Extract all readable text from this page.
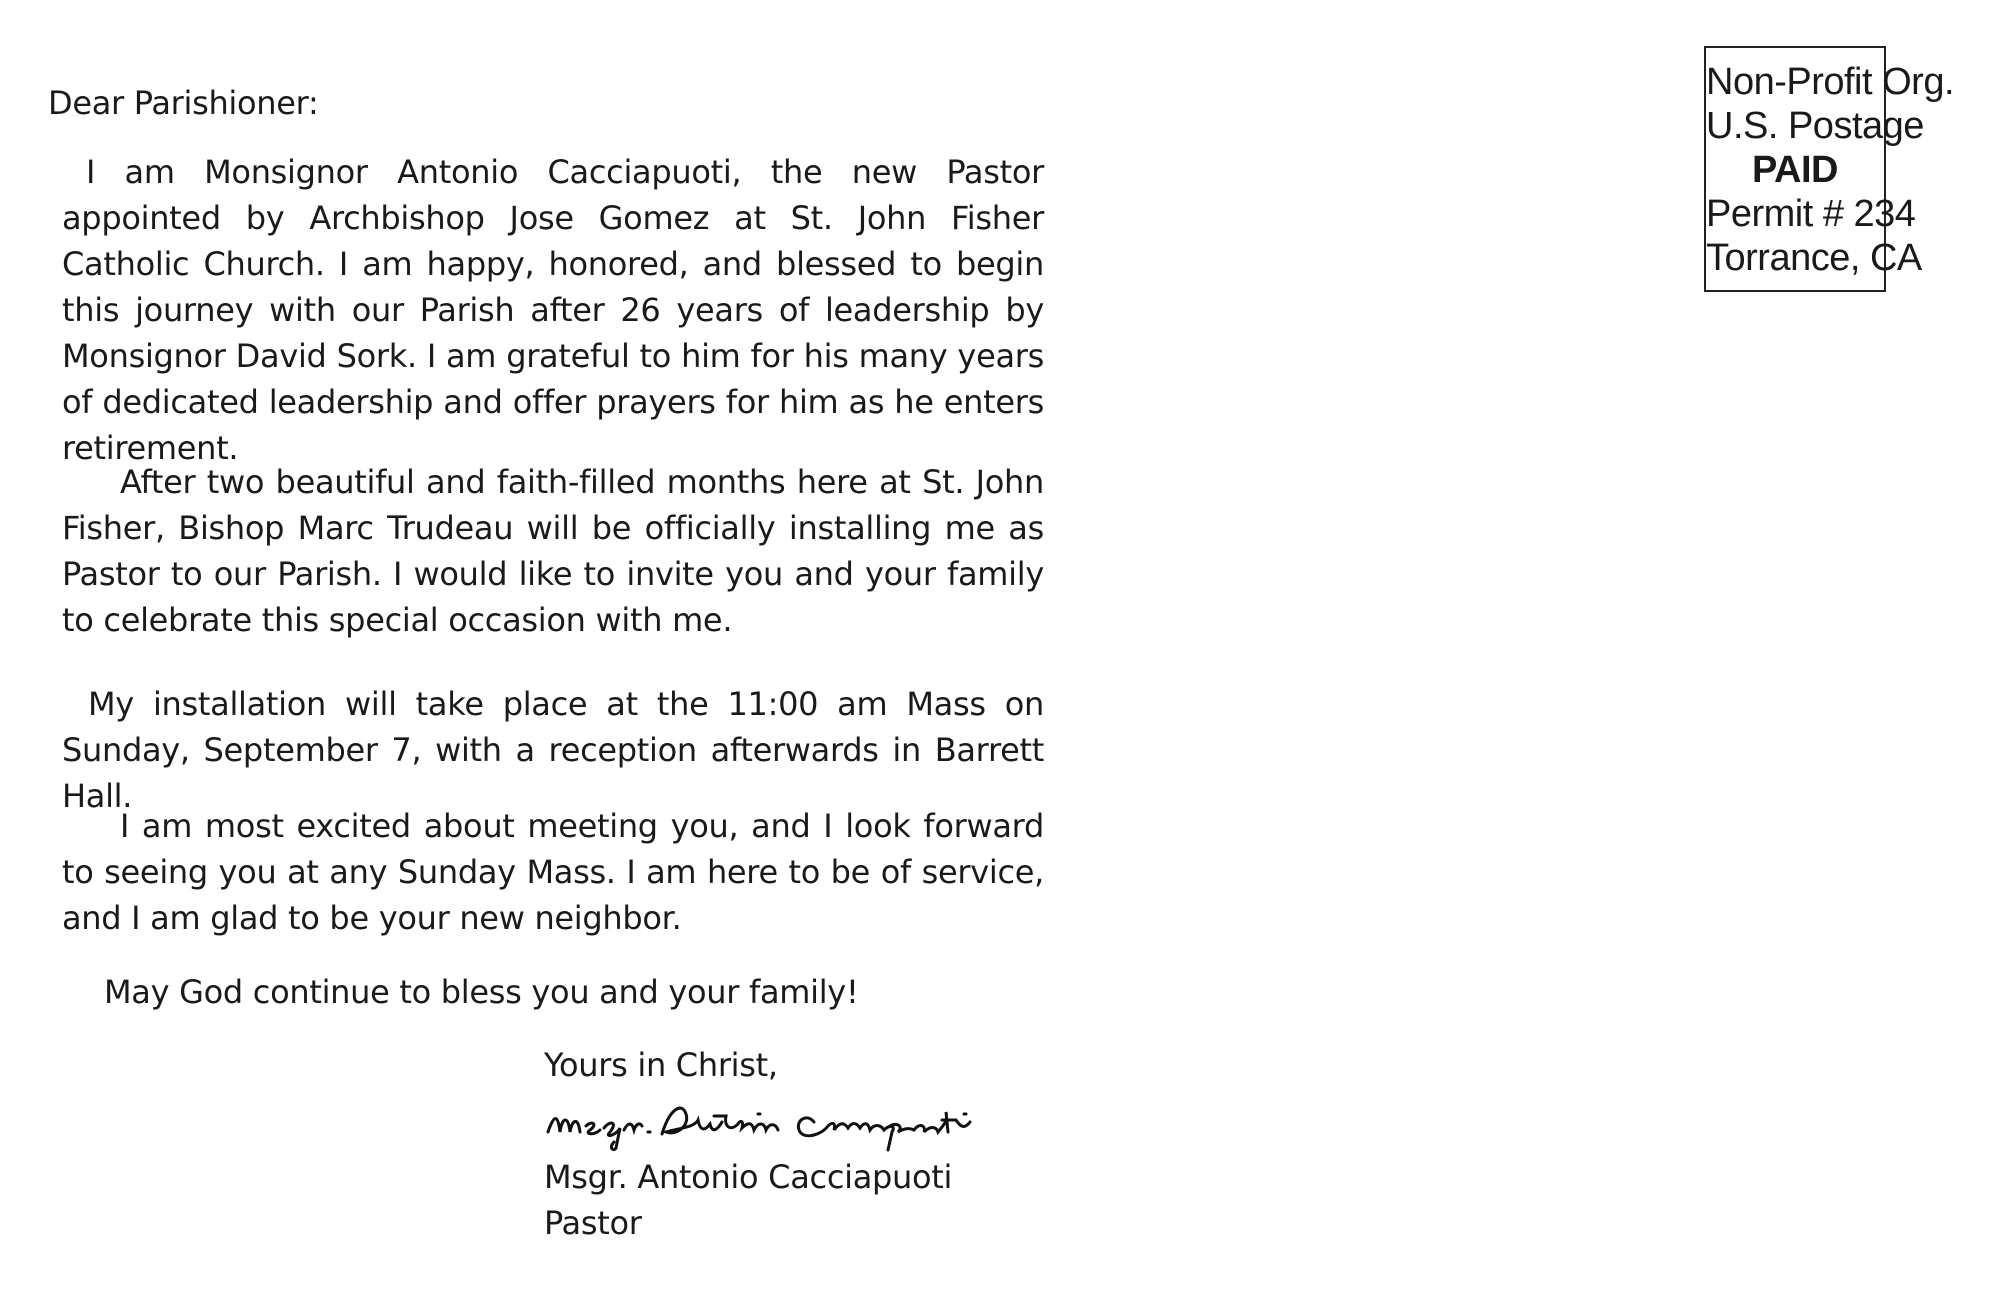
Dear Parishioner:

I am Monsignor Antonio Cacciapuoti, the new Pastor appointed by Archbishop Jose Gomez at St. John Fisher Catholic Church. I am happy, honored, and blessed to begin this journey with our Parish after 26 years of leadership by Monsignor David Sork. I am grateful to him for his many years of dedicated leadership and offer prayers for him as he enters retirement.

After two beautiful and faith-filled months here at St. John Fisher, Bishop Marc Trudeau will be officially installing me as Pastor to our Parish. I would like to invite you and your family to celebrate this special occasion with me.

My installation will take place at the 11:00 am Mass on Sunday, September 7, with a reception afterwards in Barrett Hall.

I am most excited about meeting you, and I look forward to seeing you at any Sunday Mass. I am here to be of service, and I am glad to be your new neighbor.

May God continue to bless you and your family!

Yours in Christ,

Msgr. Antonio Cacciapuoti

Pastor

Non-Profit Org.
U.S. Postage
PAID
Permit # 234
Torrance, CA
